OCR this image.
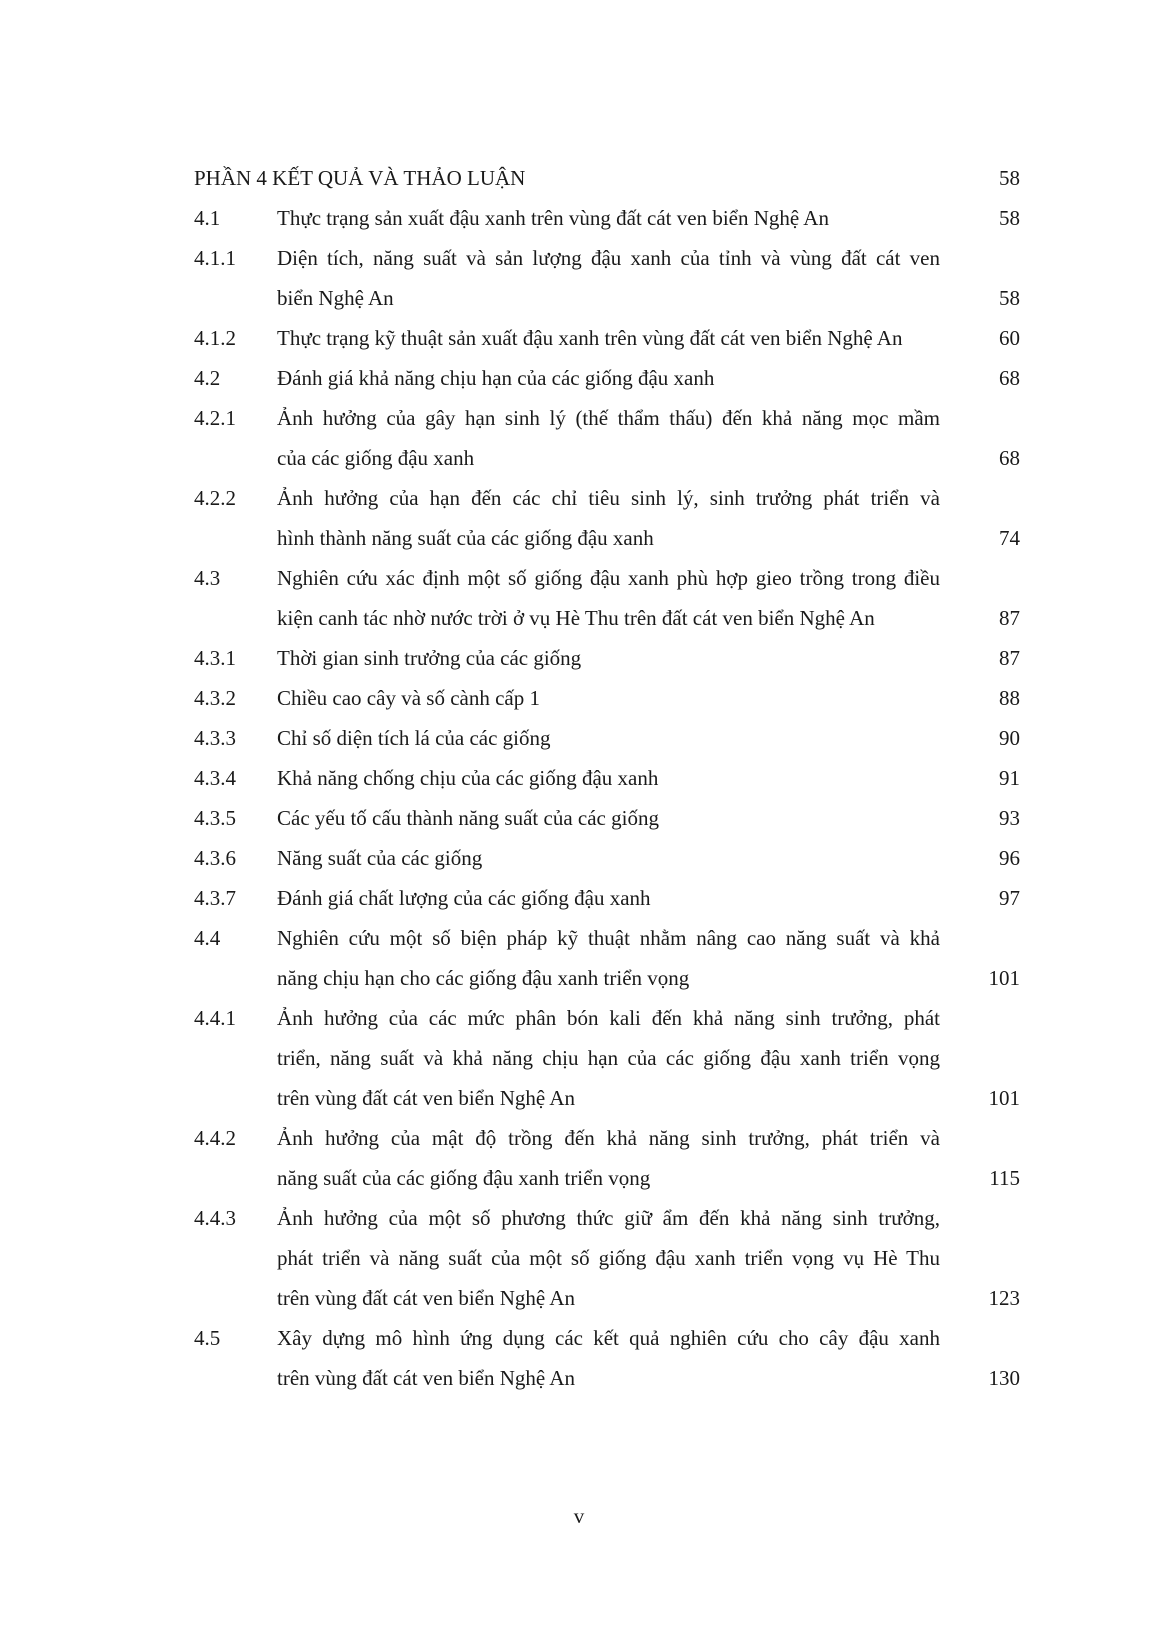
PHẦN 4 KẾT QUẢ VÀ THẢO LUẬN	58
4.1	Thực trạng sản xuất đậu xanh trên vùng đất cát ven biển Nghệ An	58
4.1.1	Diện tích, năng suất và sản lượng đậu xanh của tỉnh và vùng đất cát ven
biển Nghệ An	58
4.1.2	Thực trạng kỹ thuật sản xuất đậu xanh trên vùng đất cát ven biển Nghệ An	60
4.2	Đánh giá khả năng chịu hạn của các giống đậu xanh	68
4.2.1	Ảnh hưởng của gây hạn sinh lý (thế thẩm thấu) đến khả năng mọc mầm
của các giống đậu xanh	68
4.2.2	Ảnh hưởng của hạn đến các chỉ tiêu sinh lý, sinh trưởng phát triển và
hình thành năng suất của các giống đậu xanh	74
4.3	Nghiên cứu xác định một số giống đậu xanh phù hợp gieo trồng trong điều
kiện canh tác nhờ nước trời ở vụ Hè Thu trên đất cát ven biển Nghệ An	87
4.3.1	Thời gian sinh trưởng của các giống	87
4.3.2	Chiều cao cây và số cành cấp 1	88
4.3.3	Chỉ số diện tích lá của các giống	90
4.3.4	Khả năng chống chịu của các giống đậu xanh	91
4.3.5	Các yếu tố cấu thành năng suất của các giống	93
4.3.6	Năng suất của các giống	96
4.3.7	Đánh giá chất lượng của các giống đậu xanh	97
4.4	Nghiên cứu một số biện pháp kỹ thuật nhằm nâng cao năng suất và khả
năng chịu hạn cho các giống đậu xanh triển vọng	101
4.4.1	Ảnh hưởng của các mức phân bón kali đến khả năng sinh trưởng, phát
triển, năng suất và khả năng chịu hạn của các giống đậu xanh triển vọng
trên vùng đất cát ven biển Nghệ An	101
4.4.2	Ảnh hưởng của mật độ trồng đến khả năng sinh trưởng, phát triển và
năng suất của các giống đậu xanh triển vọng	115
4.4.3	Ảnh hưởng của một số phương thức giữ ẩm đến khả năng sinh trưởng,
phát triển và năng suất của một số giống đậu xanh triển vọng vụ Hè Thu
trên vùng đất cát ven biển Nghệ An	123
4.5	Xây dựng mô hình ứng dụng các kết quả nghiên cứu cho cây đậu xanh
trên vùng đất cát ven biển Nghệ An	130
v
